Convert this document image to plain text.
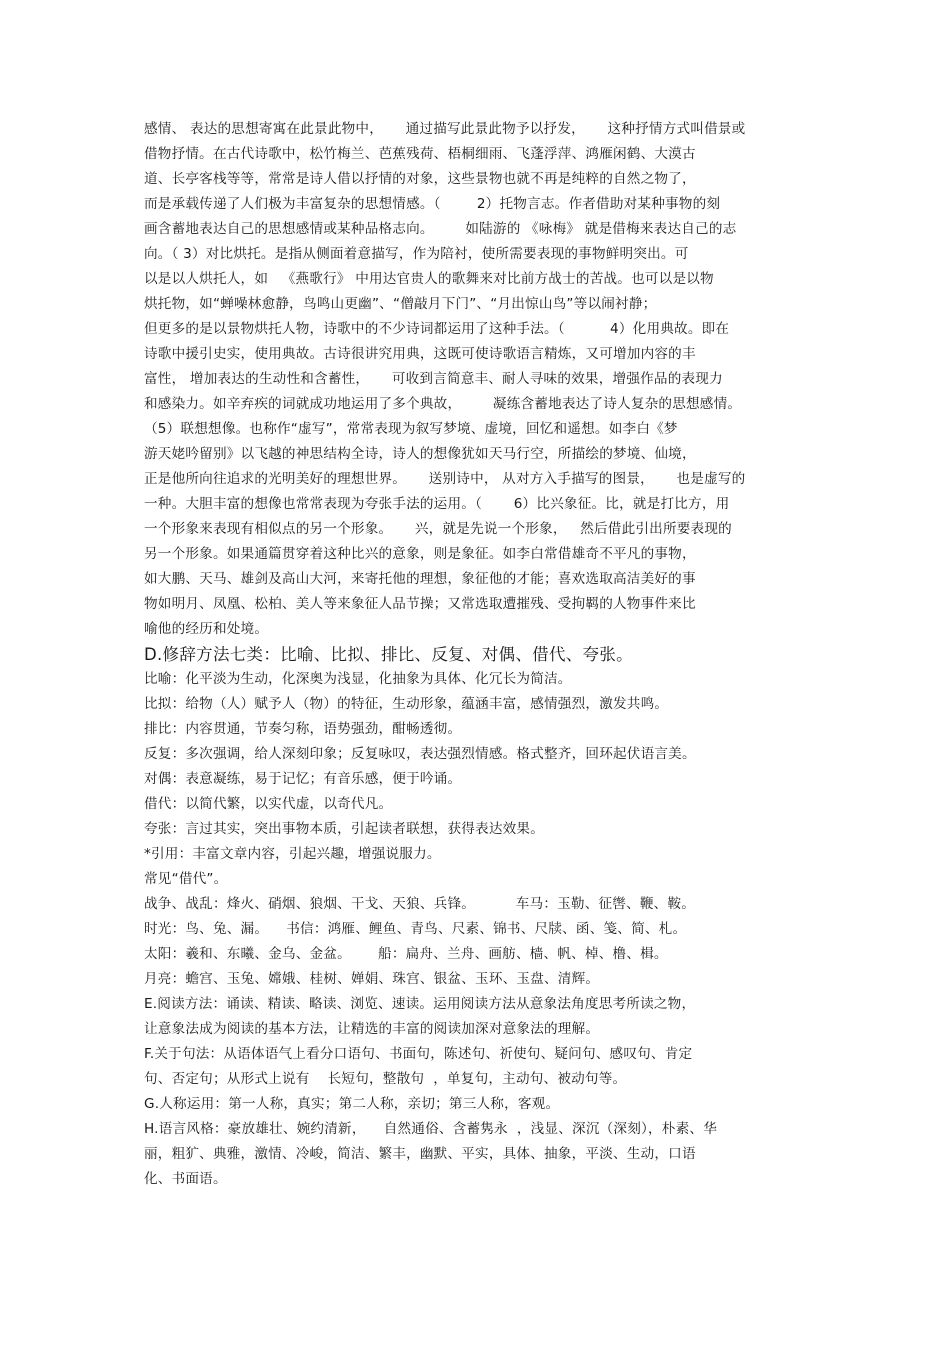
感情、 表达的思想寄寓在此景此物中，     通过描写此景此物予以抒发，     这种抒情方式叫借景或
借物抒情。在古代诗歌中，松竹梅兰、芭蕉残荷、梧桐细雨、飞蓬浮萍、鸿雁闲鹤、大漠古
道、长亭客栈等等，常常是诗人借以抒情的对象，这些景物也就不再是纯粹的自然之物了，
而是承载传递了人们极为丰富复杂的思想情感。（        2）托物言志。作者借助对某种事物的刻
画含蓄地表达自己的思想感情或某种品格志向。       如陆游的 《咏梅》 就是借梅来表达自己的志
向。（ 3）对比烘托。是指从侧面着意描写，作为陪衬，使所需要表现的事物鲜明突出。可
以是以人烘托人，如   《燕歌行》 中用达官贵人的歌舞来对比前方战士的苦战。也可以是以物
烘托物，如“蝉噪林愈静，鸟鸣山更幽”、“僧敲月下门”、“月出惊山鸟”等以闹衬静；
但更多的是以景物烘托人物，诗歌中的不少诗词都运用了这种手法。（          4）化用典故。即在
诗歌中援引史实，使用典故。古诗很讲究用典，这既可使诗歌语言精炼，又可增加内容的丰
富性， 增加表达的生动性和含蓄性，     可收到言简意丰、耐人寻味的效果，增强作品的表现力
和感染力。如辛弃疾的词就成功地运用了多个典故，       凝练含蓄地表达了诗人复杂的思想感情。
（5）联想想像。也称作“虚写”，常常表现为叙写梦境、虚境，回忆和遥想。如李白《梦
游天姥吟留别》以飞越的神思结构全诗，诗人的想像犹如天马行空，所描绘的梦境、仙境，
正是他所向往追求的光明美好的理想世界。     送别诗中， 从对方入手描写的图景，     也是虚写的
一种。大胆丰富的想像也常常表现为夸张手法的运用。（       6）比兴象征。比，就是打比方，用
一个形象来表现有相似点的另一个形象。     兴，就是先说一个形象，   然后借此引出所要表现的
另一个形象。如果通篇贯穿着这种比兴的意象，则是象征。如李白常借雄奇不平凡的事物，
如大鹏、天马、雄剑及高山大河，来寄托他的理想，象征他的才能；喜欢选取高洁美好的事
物如明月、凤凰、松柏、美人等来象征人品节操；又常选取遭摧残、受拘羁的人物事件来比
喻他的经历和处境。
D.修辞方法七类：比喻、比拟、排比、反复、对偶、借代、夸张。
比喻：化平淡为生动，化深奥为浅显，化抽象为具体、化冗长为简洁。
比拟：给物（人）赋予人（物）的特征，生动形象，蕴涵丰富，感情强烈，激发共鸣。
排比：内容贯通，节奏匀称，语势强劲，酣畅透彻。
反复：多次强调，给人深刻印象；反复咏叹，表达强烈情感。格式整齐，回环起伏语言美。
对偶：表意凝练，易于记忆；有音乐感，便于吟诵。
借代：以简代繁，以实代虚，以奇代凡。
夸张：言过其实，突出事物本质，引起读者联想，获得表达效果。
*引用：丰富文章内容，引起兴趣，增强说服力。
常见“借代”。
战争、战乱：烽火、硝烟、狼烟、干戈、天狼、兵锋。         车马：玉勒、征辔、鞭、鞍。
时光：鸟、兔、漏。    书信：鸿雁、鲤鱼、青鸟、尺素、锦书、尺牍、函、笺、简、札。
太阳：羲和、东曦、金乌、金盆。      船：扁舟、兰舟、画舫、樯、帆、棹、橹、楫。
月亮：蟾宫、玉兔、嫦娥、桂树、婵娟、珠宫、银盆、玉环、玉盘、清辉。
E.阅读方法：诵读、精读、略读、浏览、速读。运用阅读方法从意象法角度思考所读之物，
让意象法成为阅读的基本方法，让精选的丰富的阅读加深对意象法的理解。
F.关于句法：从语体语气上看分口语句、书面句，陈述句、祈使句、疑问句、感叹句、肯定
句、否定句；从形式上说有    长短句，整散句  ，单复句，主动句、被动句等。
G.人称运用：第一人称，真实；第二人称，亲切；第三人称，客观。
H.语言风格：豪放雄壮、婉约清新，    自然通俗、含蓄隽永  ，浅显、深沉（深刻），朴素、华
丽，粗犷、典雅，激情、冷峻，简洁、繁丰，幽默、平实，具体、抽象，平淡、生动，口语
化、书面语。
